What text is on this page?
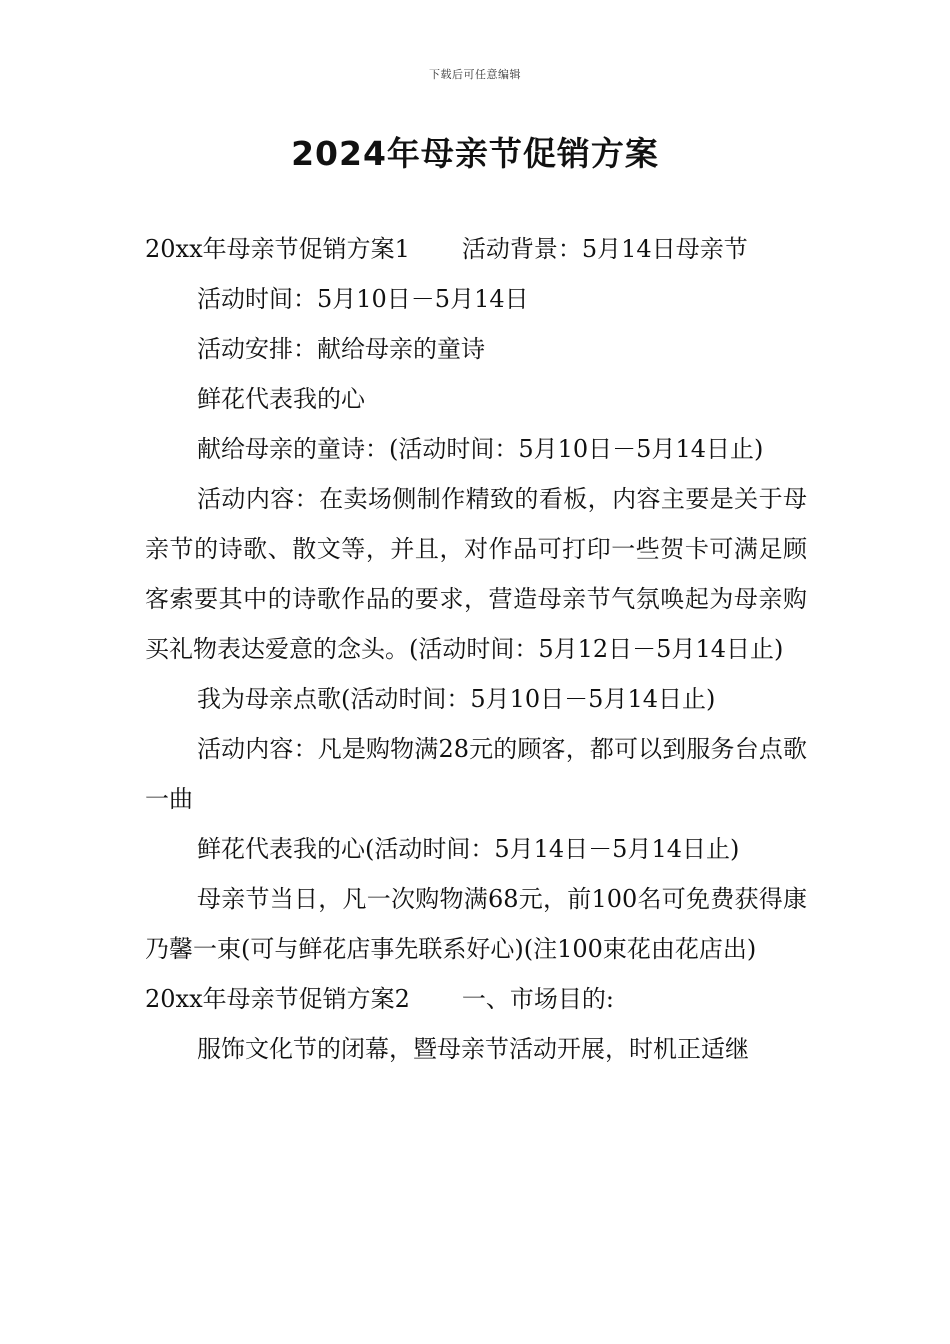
下载后可任意编辑
2024年母亲节促销方案

20xx年母亲节促销方案1 活动背景：5月14日母亲节

活动时间：5月10日－5月14日

活动安排：献给母亲的童诗

鲜花代表我的心

献给母亲的童诗：(活动时间：5月10日－5月14日止)

活动内容：在卖场侧制作精致的看板，内容主要是关于母亲节的诗歌、散文等，并且，对作品可打印一些贺卡可满足顾客索要其中的诗歌作品的要求，营造母亲节气氛唤起为母亲购买礼物表达爱意的念头。(活动时间：5月12日－5月14日止)

我为母亲点歌(活动时间：5月10日－5月14日止)

活动内容：凡是购物满28元的顾客，都可以到服务台点歌一曲

鲜花代表我的心(活动时间：5月14日－5月14日止)

母亲节当日，凡一次购物满68元，前100名可免费获得康乃馨一束(可与鲜花店事先联系好心)(注100束花由花店出)

20xx年母亲节促销方案2 一、市场目的:

服饰文化节的闭幕，暨母亲节活动开展，时机正适继
